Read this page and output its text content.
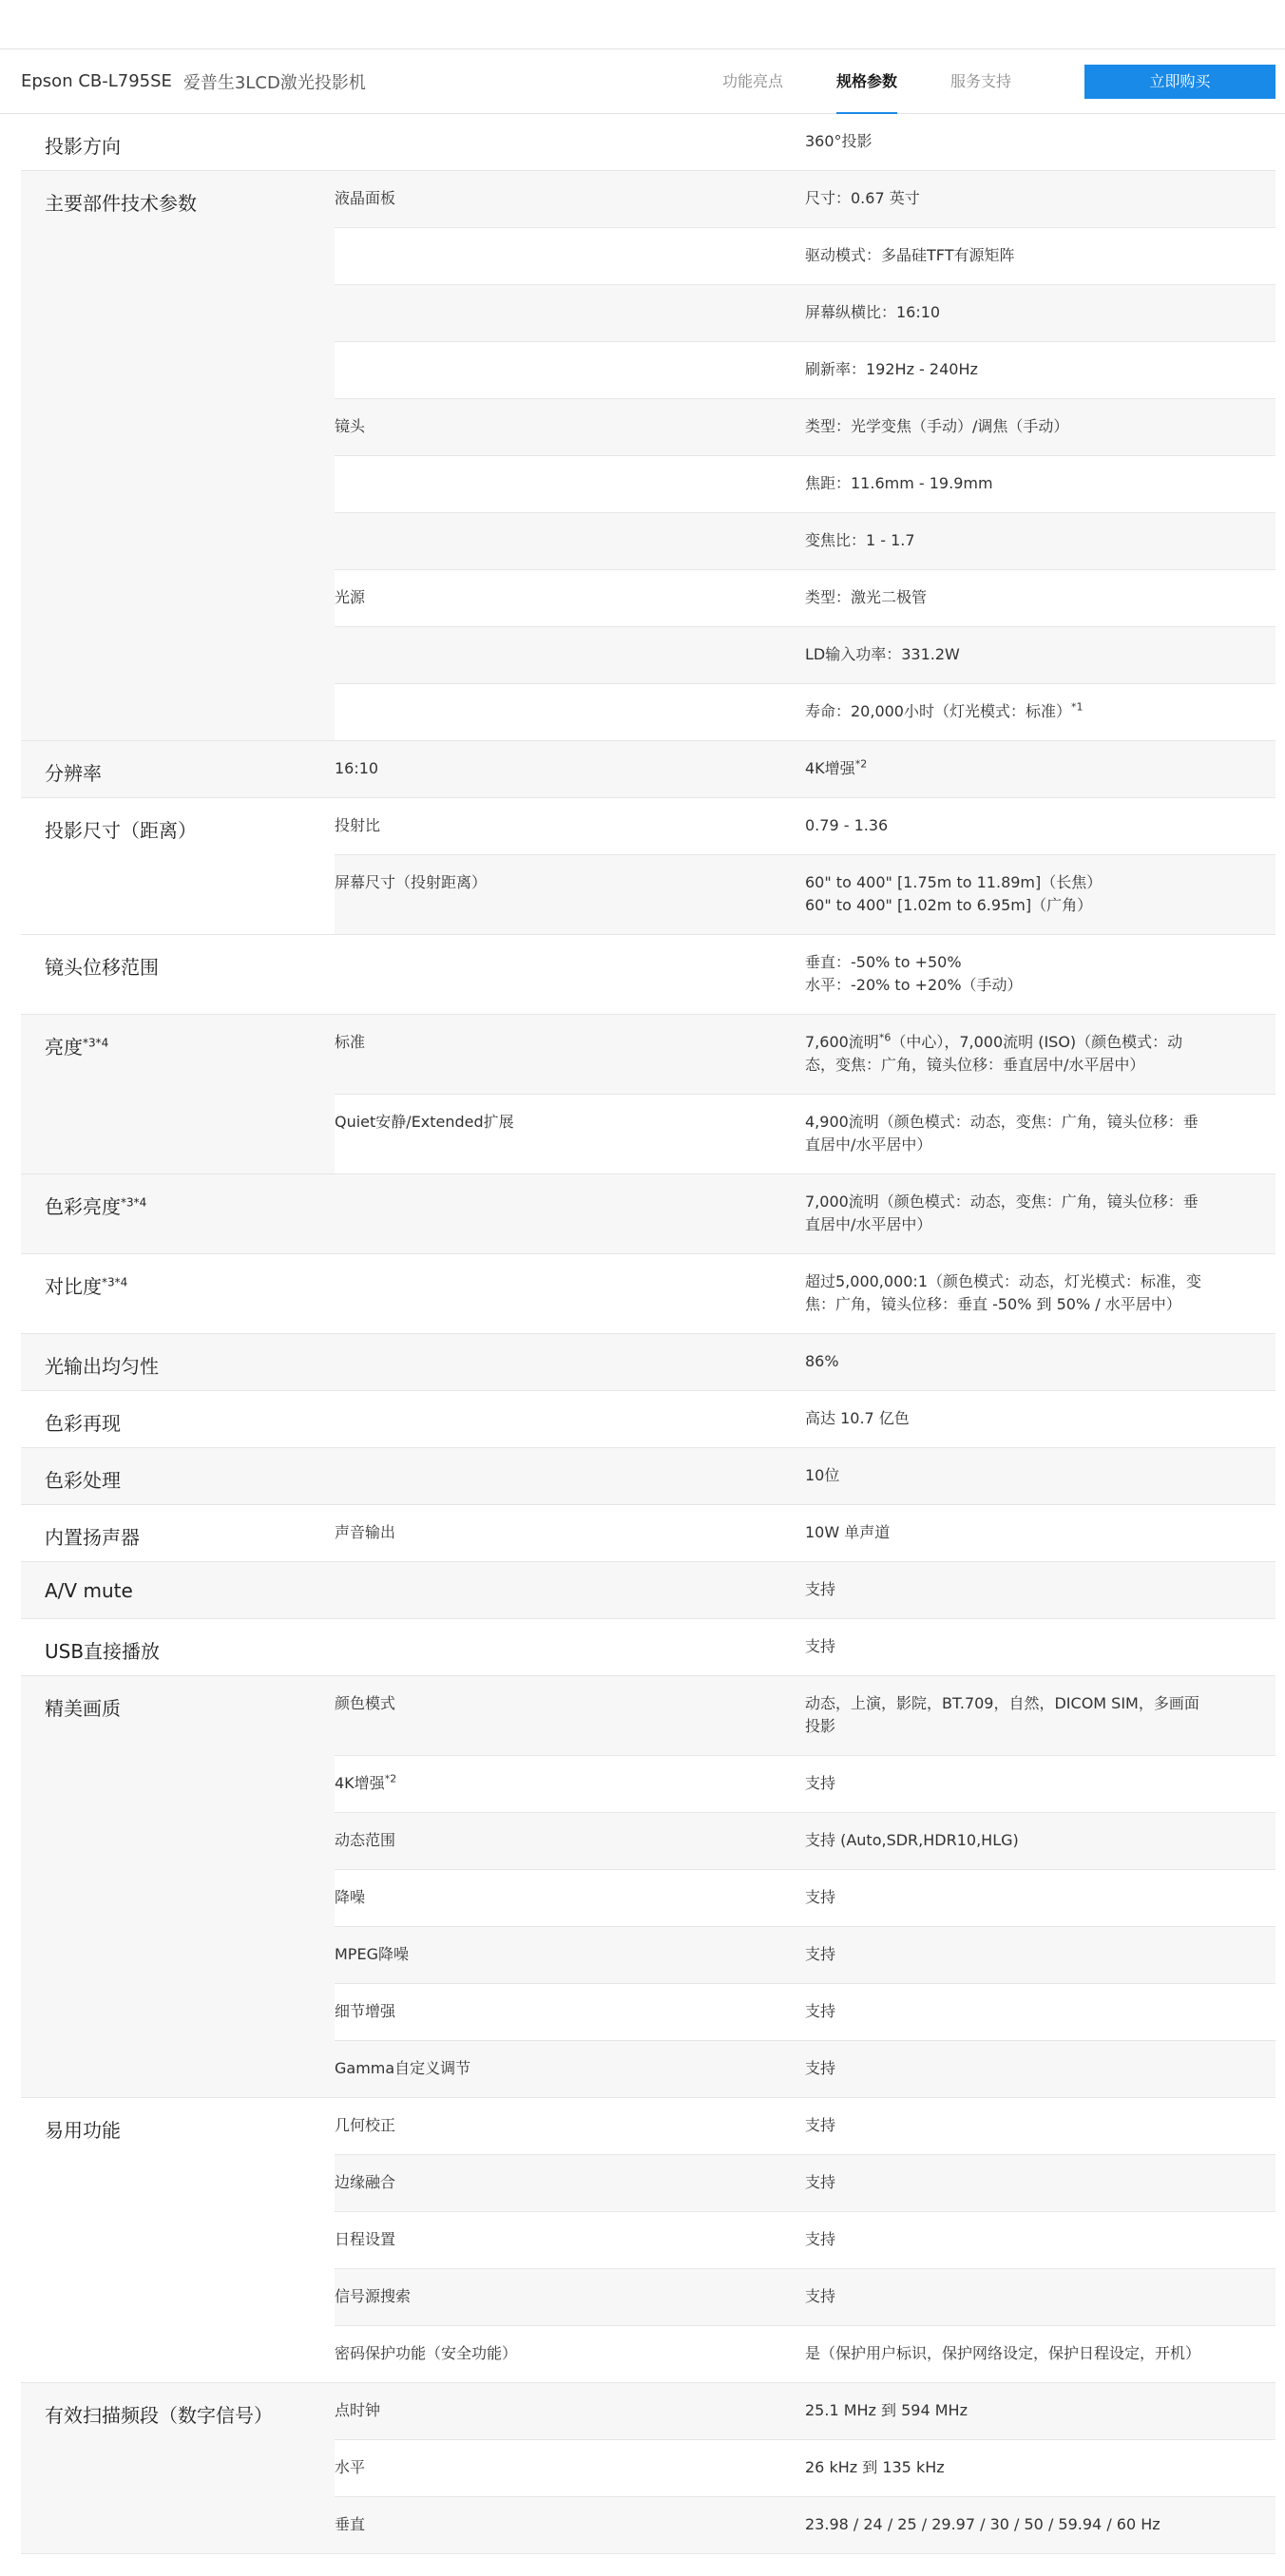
Epson CB-L795SE 爱普生3LCD激光投影机	功能亮点	规格参数	服务支持	立即购买
投影方向	360°投影
主要部件技术参数	液晶面板	尺寸：0.67 英寸
驱动模式：多晶硅TFT有源矩阵
屏幕纵横比：16:10
刷新率：192Hz - 240Hz
镜头	类型：光学变焦（手动）/调焦（手动）
焦距：11.6mm - 19.9mm
变焦比：1 - 1.7
光源	类型：激光二极管
LD输入功率：331.2W
寿命：20,000小时（灯光模式：标准）$^{*1}$
分辨率	16:10	4K增强$^{*2}$
投影尺寸（距离）	投射比	0.79 - 1.36
屏幕尺寸（投射距离）	60" to 400" [1.75m to 11.89m]（长焦）
60" to 400" [1.02m to 6.95m]（广角）
镜头位移范围	垂直：-50% to +50%
水平：-20% to +20%（手动）
亮度$^{*3*4}$	标准	7,600流明$^{*6}$（中心），7,000流明 (ISO)（颜色模式：动
态，变焦：广角，镜头位移：垂直居中/水平居中）
Quiet安静/Extended扩展	4,900流明（颜色模式：动态，变焦：广角，镜头位移：垂
直居中/水平居中）
色彩亮度$^{*3*4}$	7,000流明（颜色模式：动态，变焦：广角，镜头位移：垂
直居中/水平居中）
对比度$^{*3*4}$	超过5,000,000:1（颜色模式：动态，灯光模式：标准，变
焦：广角，镜头位移：垂直 -50% 到 50% / 水平居中）
光输出均匀性	86%
色彩再现	高达 10.7 亿色
色彩处理	10位
内置扬声器	声音输出	10W 单声道
A/V mute	支持
USB直接播放	支持
精美画质	颜色模式	动态，上演，影院，BT.709，自然，DICOM SIM，多画面
投影
4K增强$^{*2}$	支持
动态范围	支持 (Auto,SDR,HDR10,HLG)
降噪	支持
MPEG降噪	支持
细节增强	支持
Gamma自定义调节	支持
易用功能	几何校正	支持
边缘融合	支持
日程设置	支持
信号源搜索	支持
密码保护功能（安全功能）	是（保护用户标识，保护网络设定，保护日程设定，开机）
有效扫描频段（数字信号）	点时钟	25.1 MHz 到 594 MHz
水平	26 kHz 到 135 kHz
垂直	23.98 / 24 / 25 / 29.97 / 30 / 50 / 59.94 / 60 Hz
